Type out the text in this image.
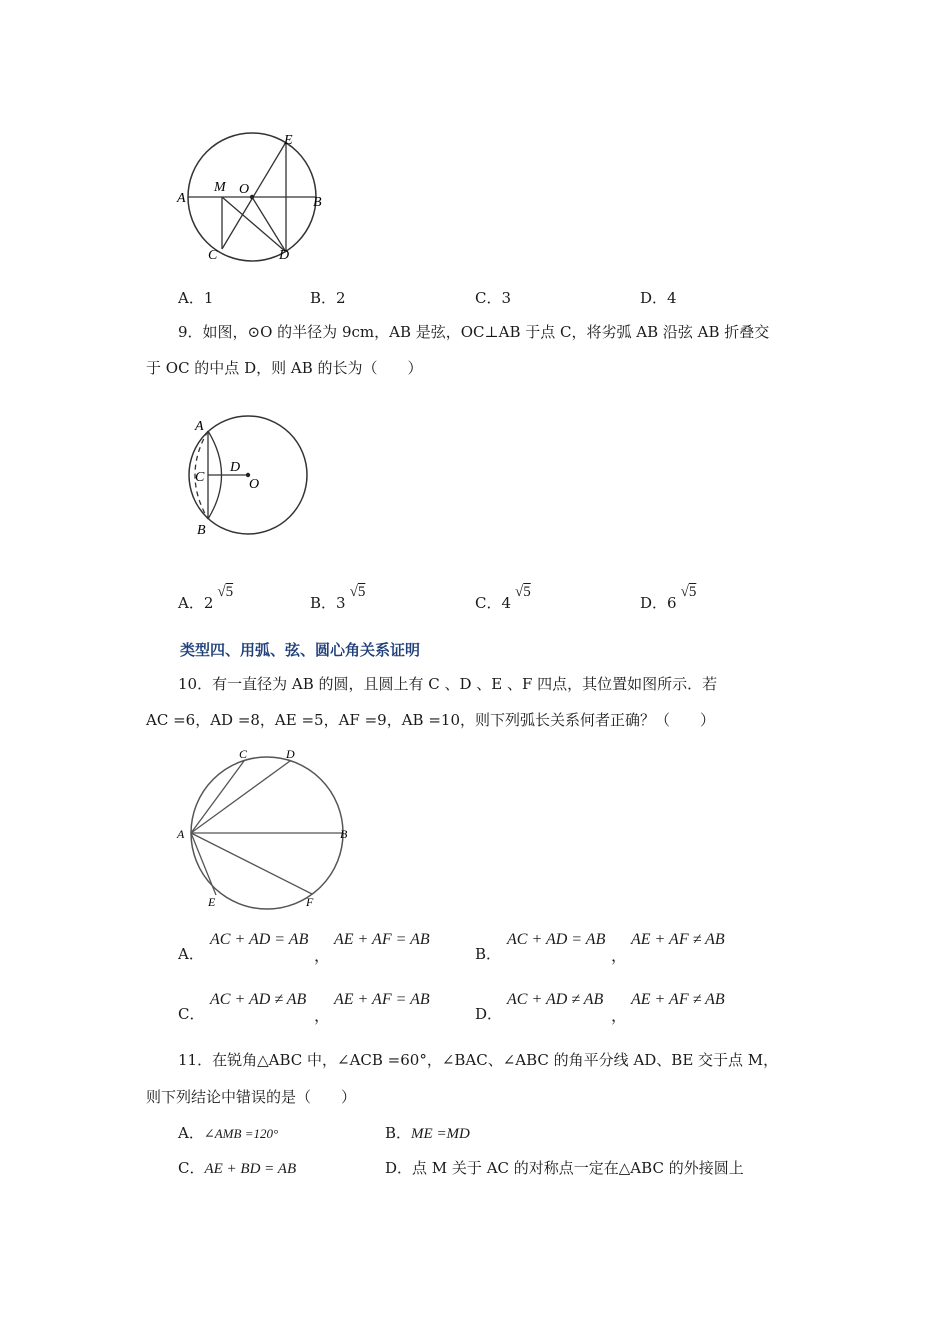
A
M O
E
B
C	D
A．1	B．2	C．3	D．4
9．如图，⊙O 的半径为 9cm，AB 是弦，OC⊥AB 于点 C，将劣弧 AB 沿弦 AB 折叠交
于 OC 的中点 D，则 AB 的长为（　　）
A
C
D
O
B
A．2√5
B．3√5
C．4√5
D．6√5
类型四、用弧、弦、圆心角关系证明
10．有一直径为 AB 的圆，且圆上有 C 、D 、E 、F 四点，其位置如图所示．若
AC =6，AD =8，AE =5，AF =9，AB =10，则下列弧长关系何者正确？（　　）
A	B
C	D
E	F
A．
AC + AD = AB
，
AE + AF = AB
B．
AC + AD = AB
，
AE + AF ≠ AB
C．
AC + AD ≠ AB
，
AE + AF = AB
D．
AC + AD ≠ AB
，
AE + AF ≠ AB
11．在锐角△ABC 中，∠ACB =60°，∠BAC、∠ABC 的角平分线 AD、BE 交于点 M，
则下列结论中错误的是（　　）
A．∠AMB =120°	B．ME =MD
C．AE + BD = AB	D．点 M 关于 AC 的对称点一定在△ABC 的外接圆上
